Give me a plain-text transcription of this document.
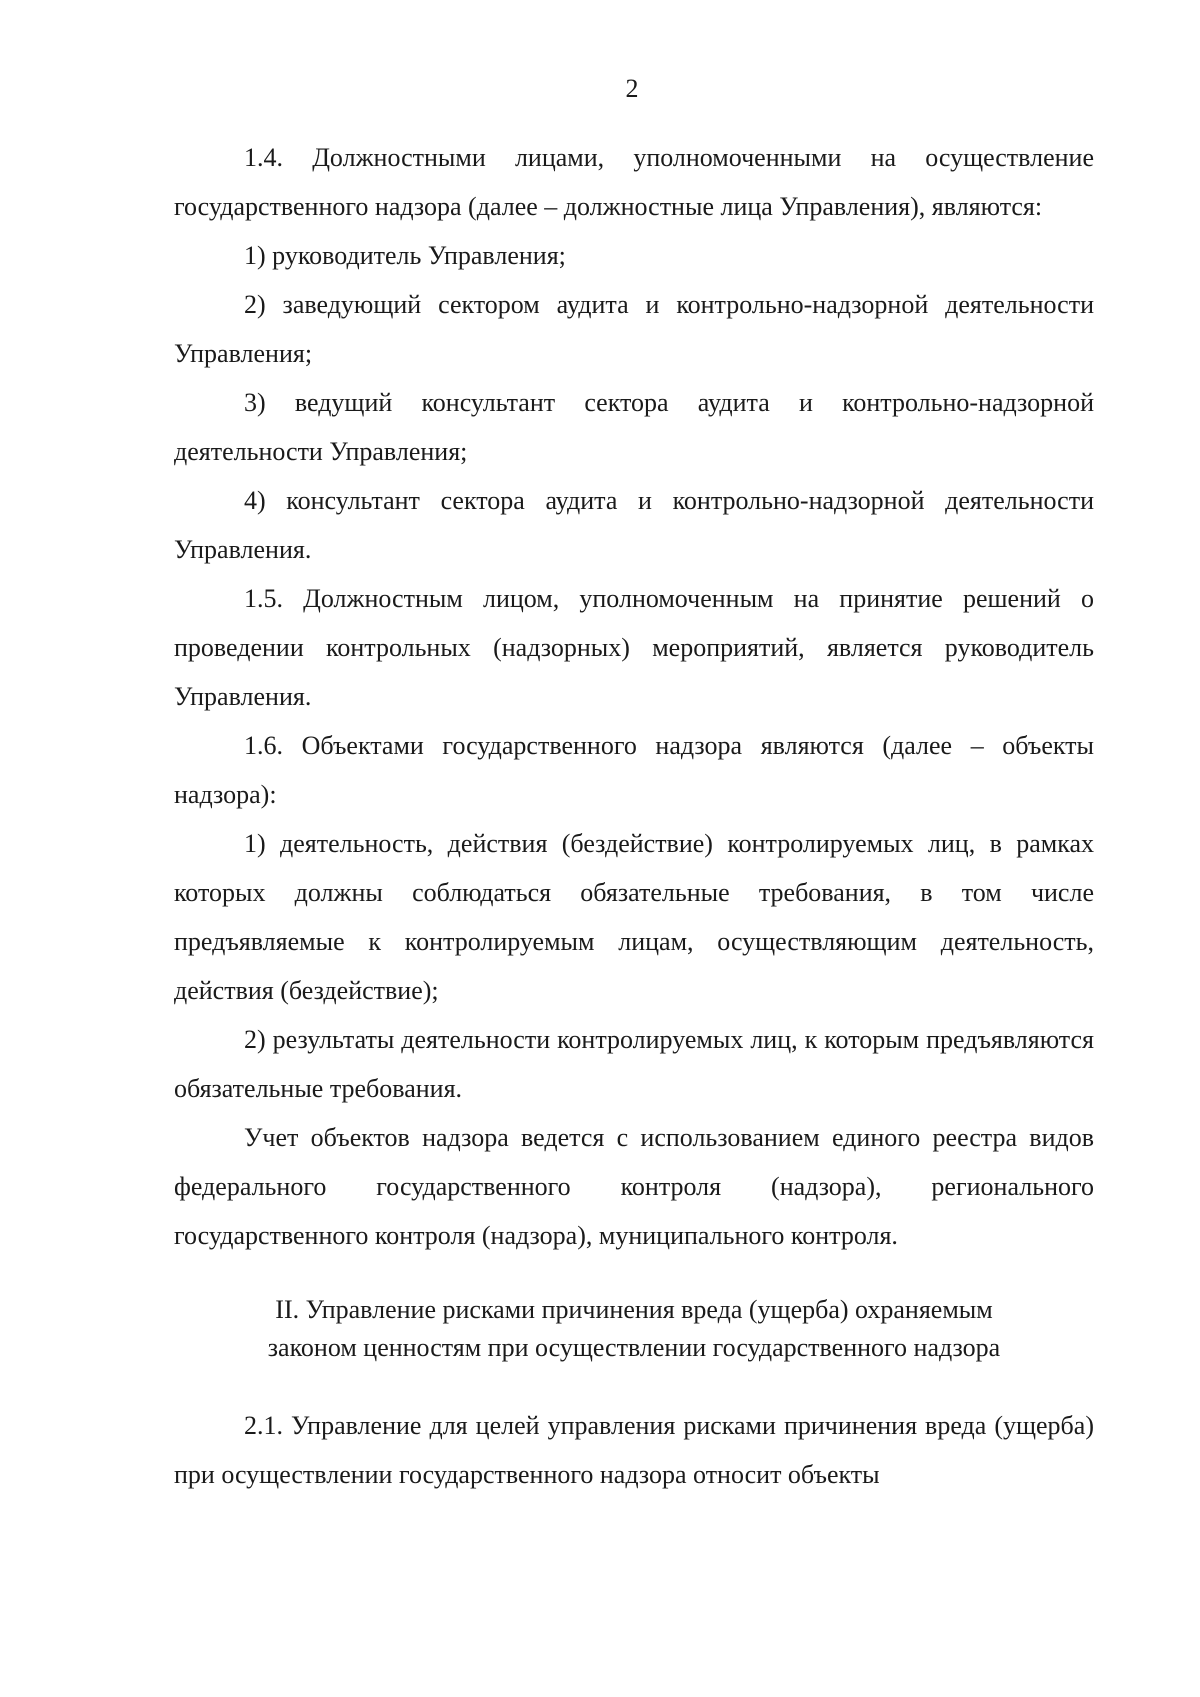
2

1.4. Должностными лицами, уполномоченными на осуществление государственного надзора (далее – должностные лица Управления), являются:

1) руководитель Управления;

2) заведующий сектором аудита и контрольно-надзорной деятельности Управления;

3) ведущий консультант сектора аудита и контрольно-надзорной деятельности Управления;

4) консультант сектора аудита и контрольно-надзорной деятельности Управления.

1.5. Должностным лицом, уполномоченным на принятие решений о проведении контрольных (надзорных) мероприятий, является руководитель Управления.

1.6. Объектами государственного надзора являются (далее – объекты надзора):

1) деятельность, действия (бездействие) контролируемых лиц, в рамках которых должны соблюдаться обязательные требования, в том числе предъявляемые к контролируемым лицам, осуществляющим деятельность, действия (бездействие);

2) результаты деятельности контролируемых лиц, к которым предъявляются обязательные требования.

Учет объектов надзора ведется с использованием единого реестра видов федерального государственного контроля (надзора), регионального государственного контроля (надзора), муниципального контроля.

II. Управление рисками причинения вреда (ущерба) охраняемым
законом ценностям при осуществлении государственного надзора

2.1. Управление для целей управления рисками причинения вреда (ущерба) при осуществлении государственного надзора относит объекты
